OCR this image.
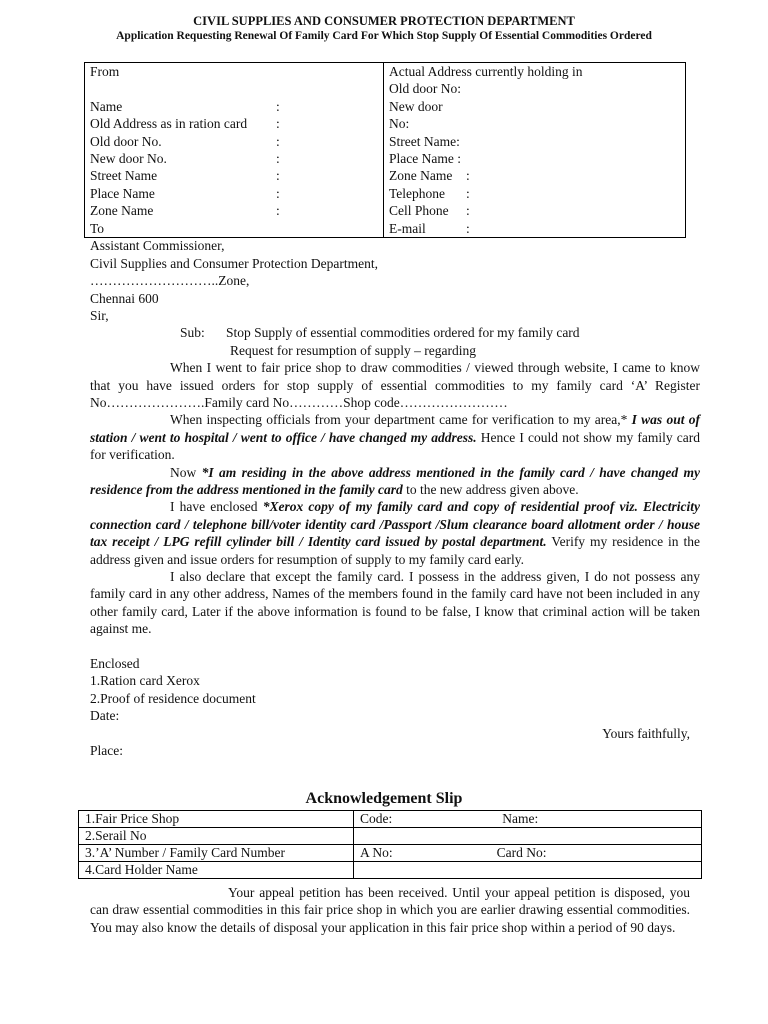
CIVIL SUPPLIES AND CONSUMER PROTECTION DEPARTMENT
Application Requesting Renewal Of Family Card For Which Stop Supply Of Essential Commodities Ordered
From
Name	:
Old Address as in ration card	:
Old door No.	:
New door No.	:
Street Name	:
Place Name	:
Zone Name	:

Actual Address currently holding in
Old door No:
New door No:
Street Name:
Place Name :
Zone Name	:
Telephone	:
Cell Phone	:
E-mail	:
To
Assistant Commissioner,
Civil Supplies and Consumer Protection Department,
………………………..Zone,
Chennai 600
Sir,
Sub: Stop Supply of essential commodities ordered for my family card
Request for resumption of supply – regarding
When I went to fair price shop to draw commodities / viewed through website, I came to know that you have issued orders for stop supply of essential commodities to my family card ‘A’ Register No………………….Family card No…………Shop code……………………
When inspecting officials from your department came for verification to my area,* I was out of station / went to hospital / went to office / have changed my address. Hence I could not show my family card for verification.
Now *I am residing in the above address mentioned in the family card / have changed my residence from the address mentioned in the family card to the new address given above.
I have enclosed *Xerox copy of my family card and copy of residential proof viz. Electricity connection card / telephone bill/voter identity card /Passport /Slum clearance board allotment order / house tax receipt / LPG refill cylinder bill / Identity card issued by postal department. Verify my residence in the address given and issue orders for resumption of supply to my family card early.
I also declare that except the family card. I possess in the address given, I do not possess any family card in any other address, Names of the members found in the family card have not been included in any other family card, Later if the above information is found to be false, I know that criminal action will be taken against me.
Enclosed
1.Ration card Xerox
2.Proof of residence document
Date:
Yours faithfully,
Place:
Acknowledgement Slip
1.Fair Price Shop	Code: Name:
2.Serail No	
3.’A’ Number / Family Card Number	A No: Card No:
4.Card Holder Name	
Your appeal petition has been received. Until your appeal petition is disposed, you can draw essential commodities in this fair price shop in which you are earlier drawing essential commodities. You may also know the details of disposal your application in this fair price shop within a period of 90 days.
